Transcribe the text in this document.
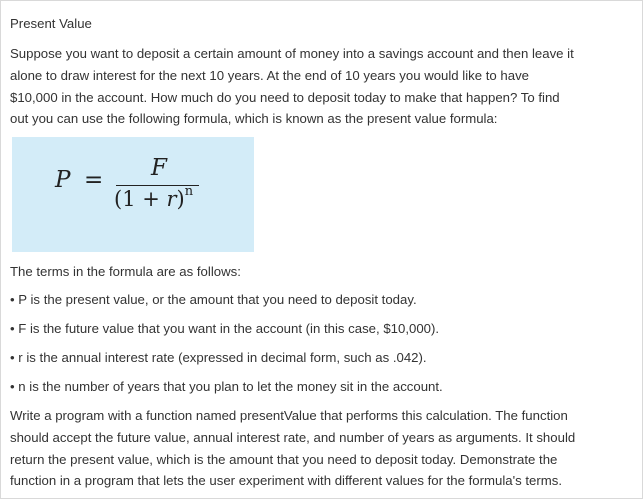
Present Value
Suppose you want to deposit a certain amount of money into a savings account and then leave it
alone to draw interest for the next 10 years. At the end of 10 years you would like to have
$10,000 in the account. How much do you need to deposit today to make that happen? To find
out you can use the following formula, which is known as the present value formula:
P = F
$(1 + r)^n$
The terms in the formula are as follows:
• P is the present value, or the amount that you need to deposit today.
• F is the future value that you want in the account (in this case, $10,000).
• r is the annual interest rate (expressed in decimal form, such as .042).
• n is the number of years that you plan to let the money sit in the account.
Write a program with a function named presentValue that performs this calculation. The function
should accept the future value, annual interest rate, and number of years as arguments. It should
return the present value, which is the amount that you need to deposit today. Demonstrate the
function in a program that lets the user experiment with different values for the formula's terms.
